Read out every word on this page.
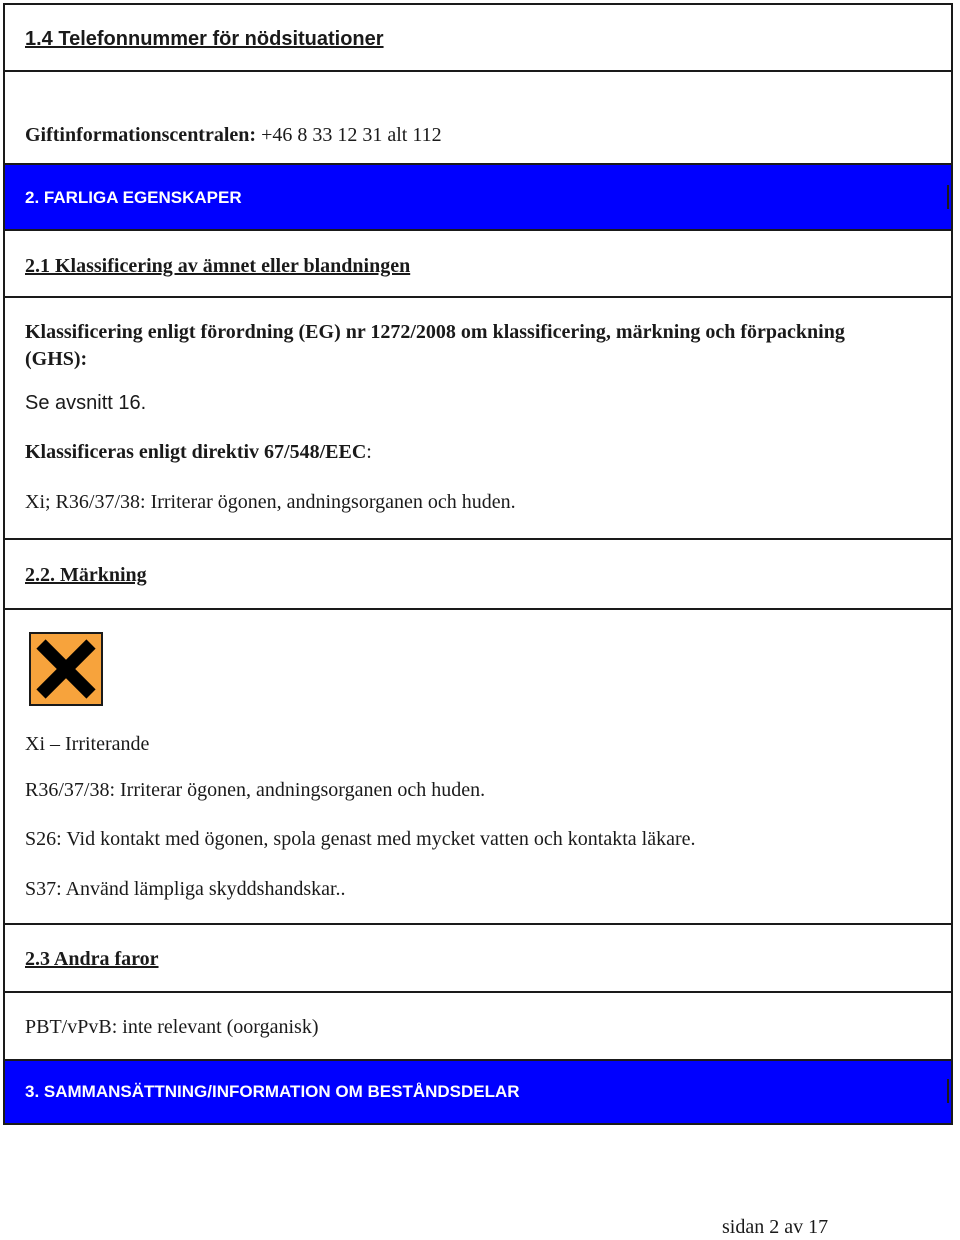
1.4 Telefonnummer för nödsituationer
Giftinformationscentralen: +46 8 33 12 31 alt 112
2. FARLIGA EGENSKAPER
2.1 Klassificering av ämnet eller blandningen
Klassificering enligt förordning (EG) nr 1272/2008 om klassificering, märkning och förpackning
(GHS):
Se avsnitt 16.
Klassificeras enligt direktiv 67/548/EEC:
Xi; R36/37/38: Irriterar ögonen, andningsorganen och huden.
2.2. Märkning
Xi – Irriterande
R36/37/38: Irriterar ögonen, andningsorganen och huden.
S26: Vid kontakt med ögonen, spola genast med mycket vatten och kontakta läkare.
S37: Använd lämpliga skyddshandskar..
2.3 Andra faror
PBT/vPvB: inte relevant (oorganisk)
3. SAMMANSÄTTNING/INFORMATION OM BESTÅNDSDELAR
sidan 2 av 17
